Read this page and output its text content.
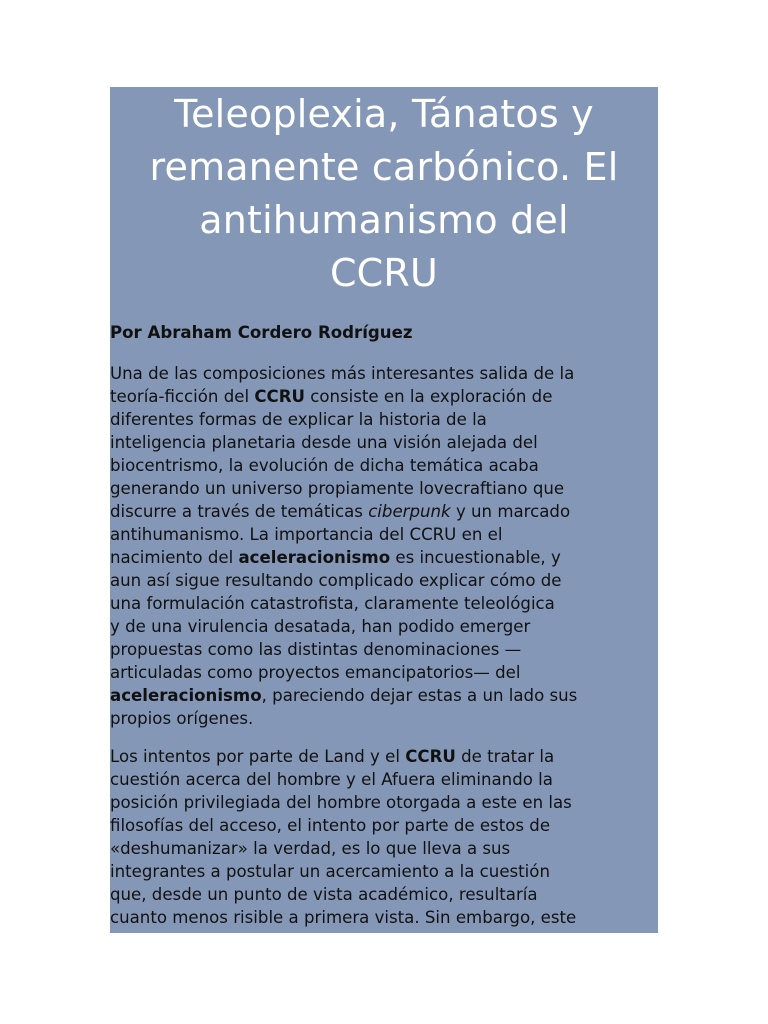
Teleoplexia, Tánatos y
remanente carbónico. El
antihumanismo del
CCRU

Por Abraham Cordero Rodríguez

Una de las composiciones más interesantes salida de la
teoría-ficción del CCRU consiste en la exploración de
diferentes formas de explicar la historia de la
inteligencia planetaria desde una visión alejada del
biocentrismo, la evolución de dicha temática acaba
generando un universo propiamente lovecraftiano que
discurre a través de temáticas ciberpunk y un marcado
antihumanismo. La importancia del CCRU en el
nacimiento del aceleracionismo es incuestionable, y
aun así sigue resultando complicado explicar cómo de
una formulación catastrofista, claramente teleológica
y de una virulencia desatada, han podido emerger
propuestas como las distintas denominaciones —
articuladas como proyectos emancipatorios— del
aceleracionismo, pareciendo dejar estas a un lado sus
propios orígenes.

Los intentos por parte de Land y el CCRU de tratar la
cuestión acerca del hombre y el Afuera eliminando la
posición privilegiada del hombre otorgada a este en las
filosofías del acceso, el intento por parte de estos de
«deshumanizar» la verdad, es lo que lleva a sus
integrantes a postular un acercamiento a la cuestión
que, desde un punto de vista académico, resultaría
cuanto menos risible a primera vista. Sin embargo, este
